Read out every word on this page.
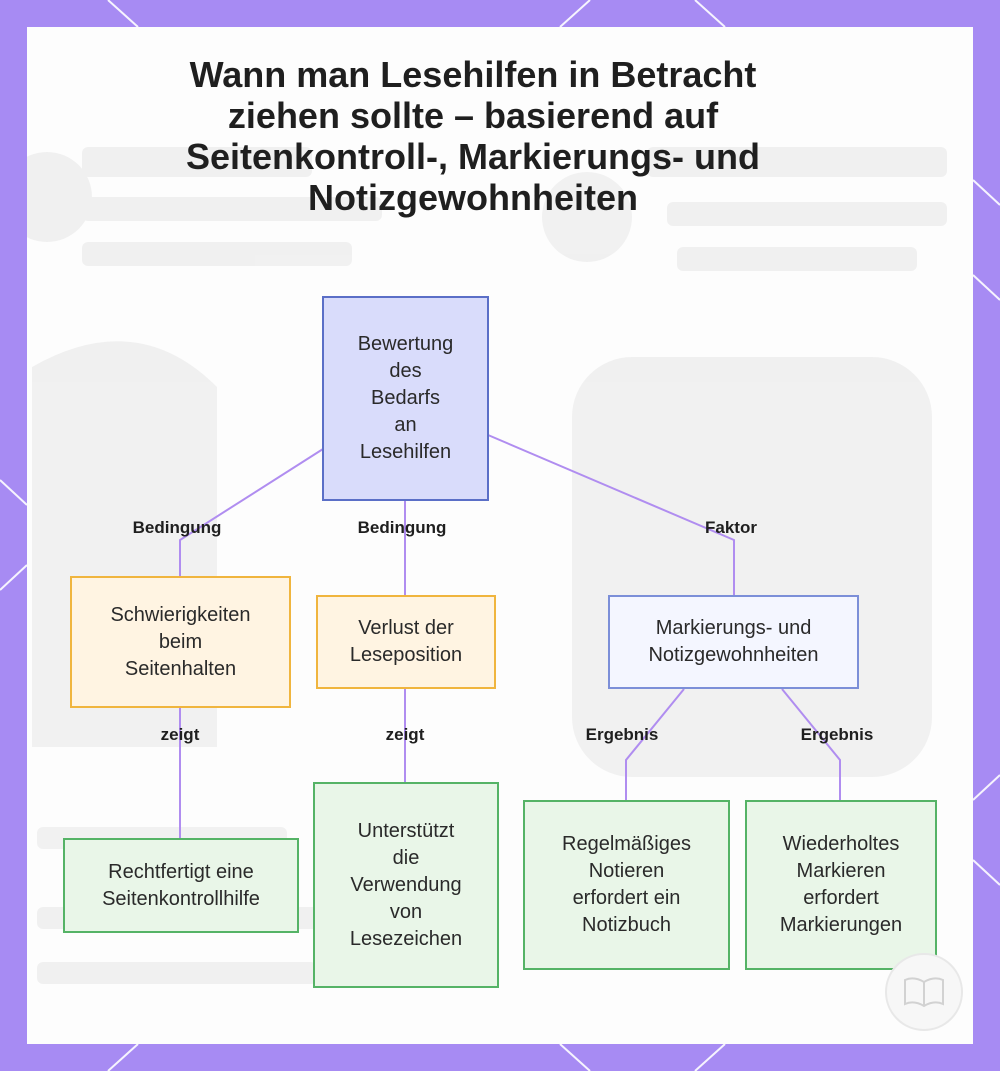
Wann man Lesehilfen in Betracht ziehen sollte – basierend auf Seitenkontroll-, Markierungs- und Notizgewohnheiten
Bewertung
des
Bedarfs
an
Lesehilfen
Schwierigkeiten
beim
Seitenhalten
Verlust der
Leseposition
Markierungs- und
Notizgewohnheiten
Rechtfertigt eine
Seitenkontrollhilfe
Unterstützt
die
Verwendung
von
Lesezeichen
Regelmäßiges
Notieren
erfordert ein
Notizbuch
Wiederholtes
Markieren
erfordert
Markierungen
Bedingung	Bedingung	Faktor
zeigt	zeigt	Ergebnis	Ergebnis
